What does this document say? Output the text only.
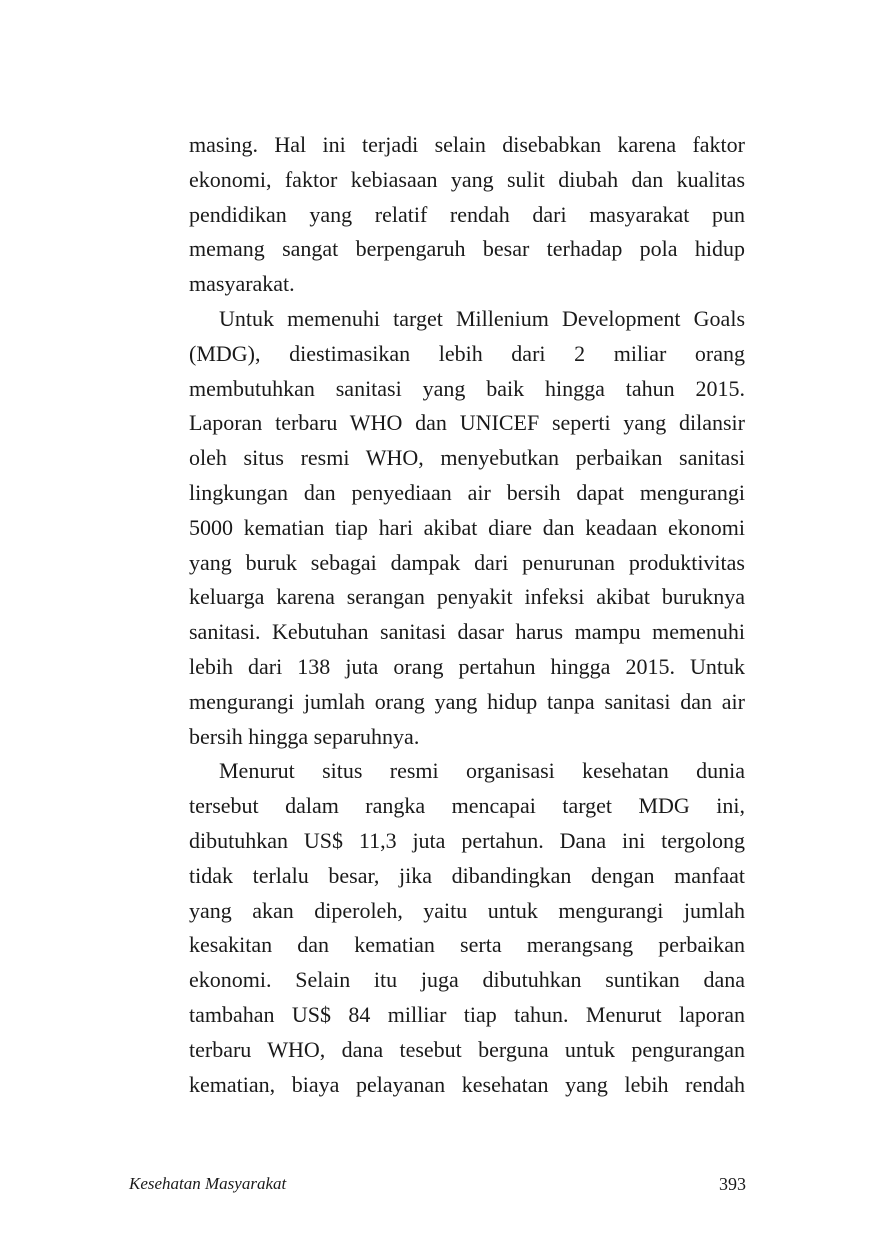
masing. Hal ini terjadi selain disebabkan karena faktor
ekonomi, faktor kebiasaan yang sulit diubah dan kualitas
pendidikan yang relatif rendah dari masyarakat pun
memang sangat berpengaruh besar terhadap pola hidup
masyarakat.
Untuk memenuhi target Millenium Development Goals
(MDG), diestimasikan lebih dari 2 miliar orang
membutuhkan sanitasi yang baik hingga tahun 2015.
Laporan terbaru WHO dan UNICEF seperti yang dilansir
oleh situs resmi WHO, menyebutkan perbaikan sanitasi
lingkungan dan penyediaan air bersih dapat mengurangi
5000 kematian tiap hari akibat diare dan keadaan ekonomi
yang buruk sebagai dampak dari penurunan produktivitas
keluarga karena serangan penyakit infeksi akibat buruknya
sanitasi. Kebutuhan sanitasi dasar harus mampu memenuhi
lebih dari 138 juta orang pertahun hingga 2015. Untuk
mengurangi jumlah orang yang hidup tanpa sanitasi dan air
bersih hingga separuhnya.
Menurut situs resmi organisasi kesehatan dunia
tersebut dalam rangka mencapai target MDG ini,
dibutuhkan US$ 11,3 juta pertahun. Dana ini tergolong
tidak terlalu besar, jika dibandingkan dengan manfaat
yang akan diperoleh, yaitu untuk mengurangi jumlah
kesakitan dan kematian serta merangsang perbaikan
ekonomi. Selain itu juga dibutuhkan suntikan dana
tambahan US$ 84 milliar tiap tahun. Menurut laporan
terbaru WHO, dana tesebut berguna untuk pengurangan
kematian, biaya pelayanan kesehatan yang lebih rendah
Kesehatan Masyarakat	393
